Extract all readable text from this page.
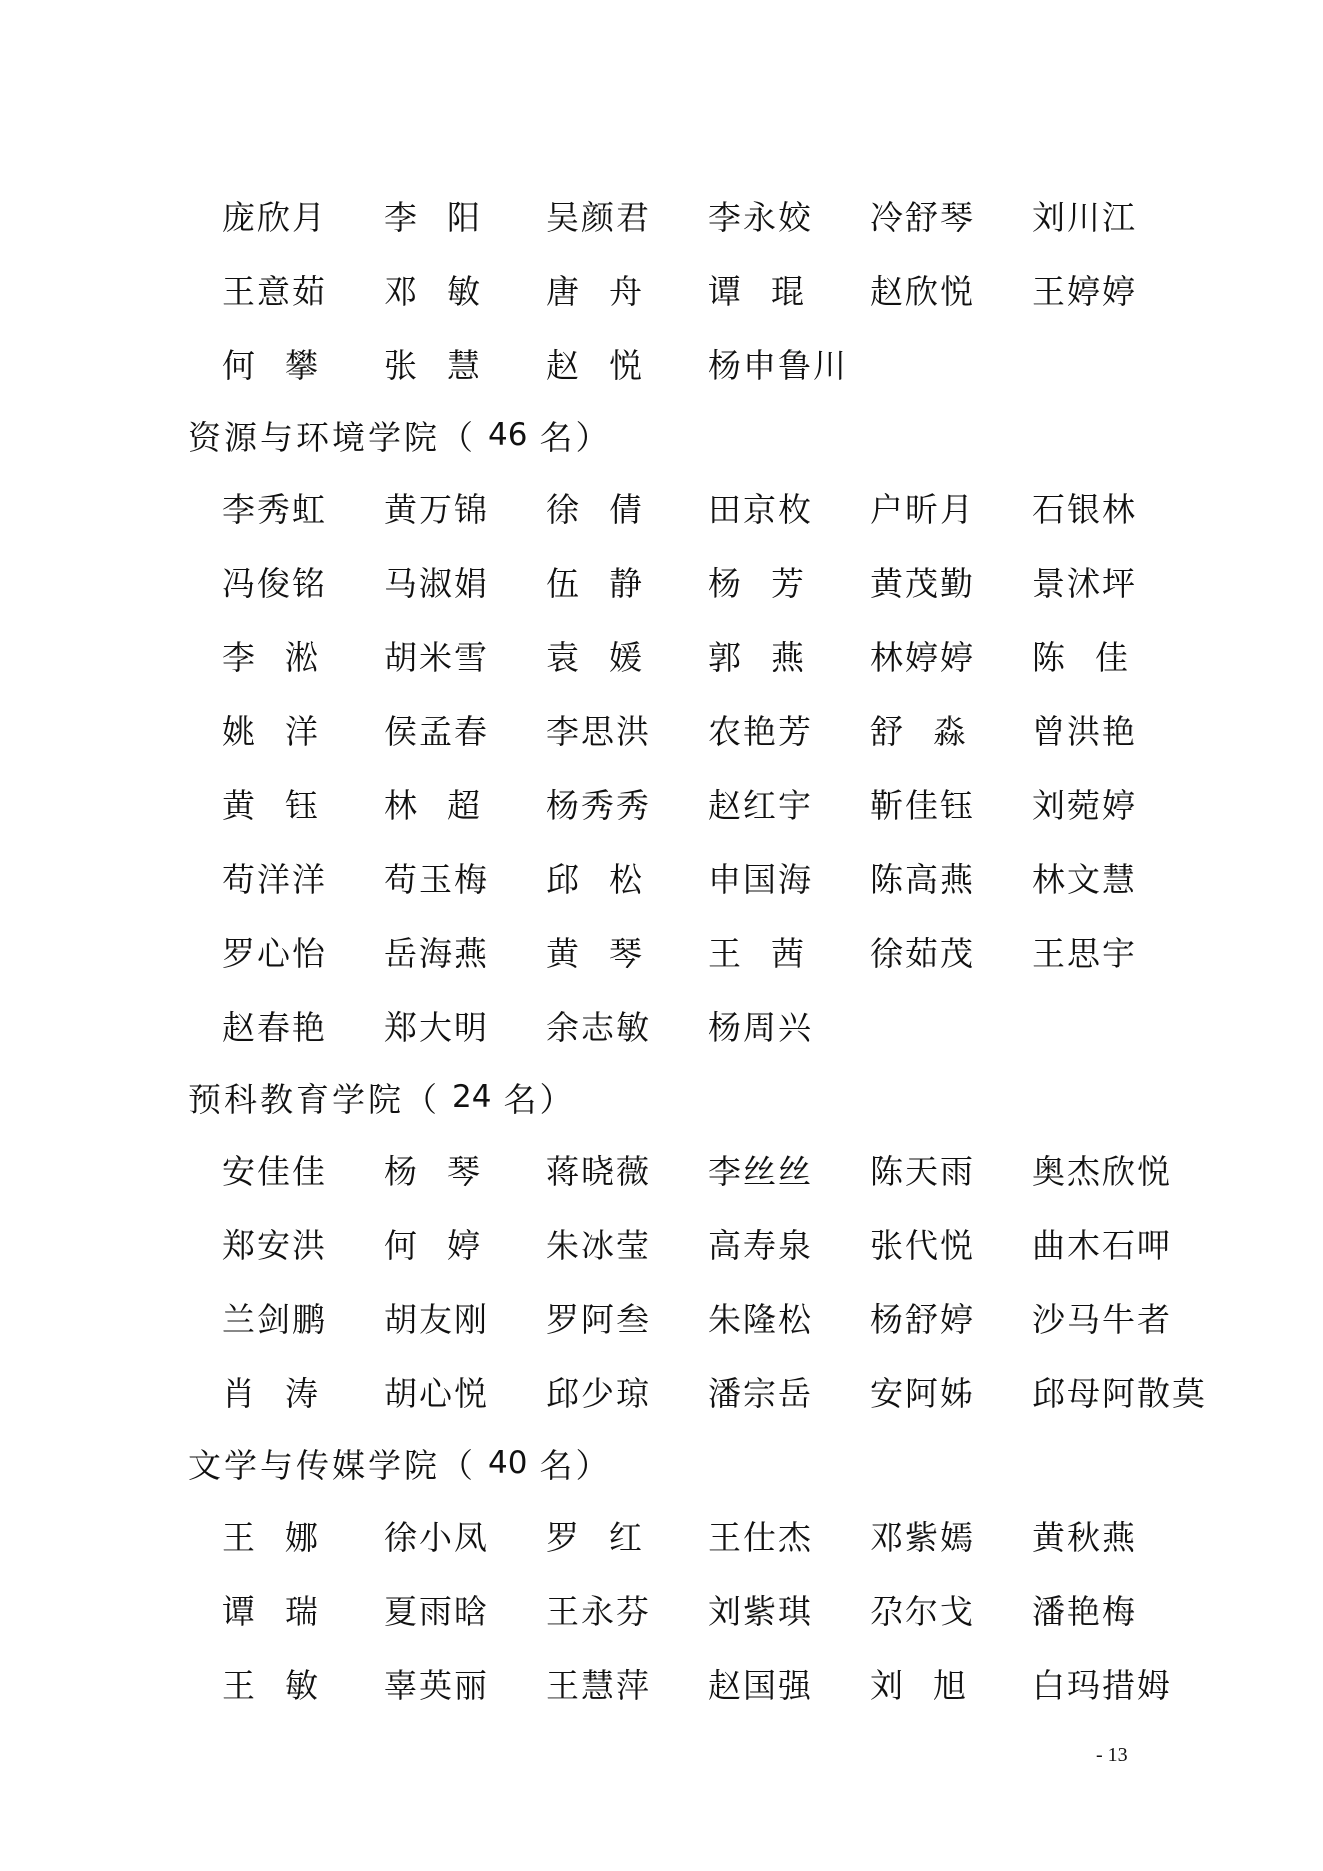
庞欣月	李阳	吴颜君	李永姣	冷舒琴	刘川江
王意茹	邓敏	唐舟	谭琨	赵欣悦	王婷婷
何攀	张慧	赵悦	杨申鲁川
资源与环境学院（ 46 名）
李秀虹	黄万锦	徐倩	田京枚	户昕月	石银林
冯俊铭	马淑娟	伍静	杨芳	黄茂勤	景沭坪
李淞	胡米雪	袁媛	郭燕	林婷婷	陈佳
姚洋	侯孟春	李思洪	农艳芳	舒淼	曾洪艳
黄钰	林超	杨秀秀	赵红宇	靳佳钰	刘菀婷
苟洋洋	苟玉梅	邱松	申国海	陈高燕	林文慧
罗心怡	岳海燕	黄琴	王茜	徐茹茂	王思宇
赵春艳	郑大明	余志敏	杨周兴
预科教育学院（ 24 名）
安佳佳	杨琴	蒋晓薇	李丝丝	陈天雨	奥杰欣悦
郑安洪	何婷	朱冰莹	高寿泉	张代悦	曲木石呷
兰剑鹏	胡友刚	罗阿叁	朱隆松	杨舒婷	沙马牛者
肖涛	胡心悦	邱少琼	潘宗岳	安阿姊	邱母阿散莫
文学与传媒学院（ 40 名）
王娜	徐小凤	罗红	王仕杰	邓紫嫣	黄秋燕
谭瑞	夏雨晗	王永芬	刘紫琪	尕尔戈	潘艳梅
王敏	辜英丽	王慧萍	赵国强	刘旭	白玛措姆
- 13
